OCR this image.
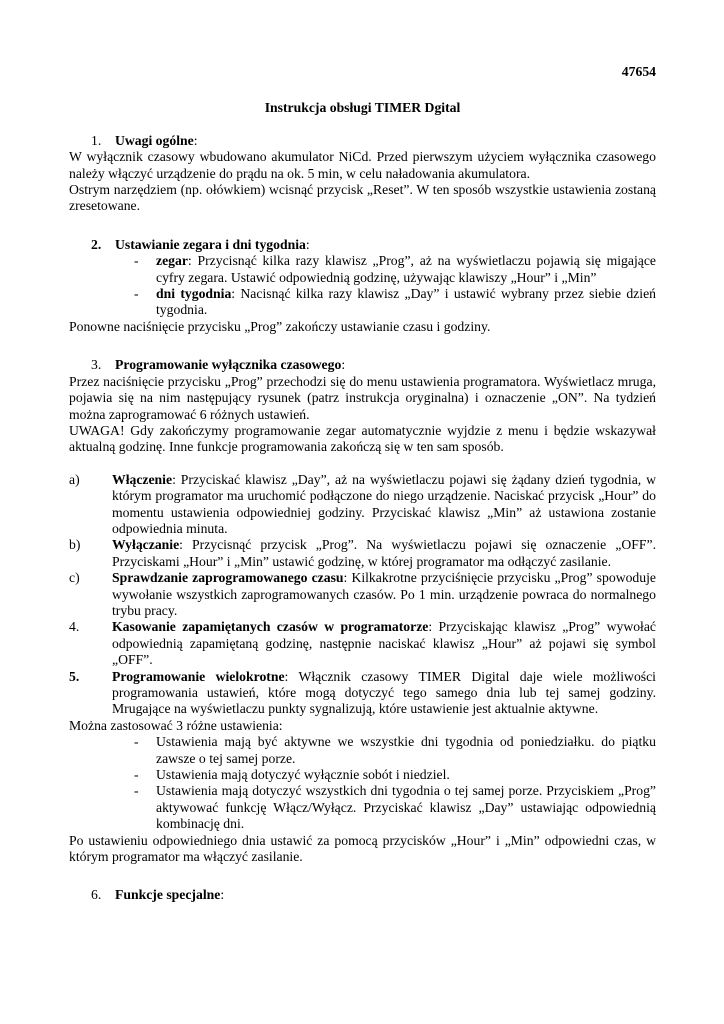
47654

Instrukcja obsługi TIMER Dgital

1.	Uwagi ogólne:

W wyłącznik czasowy wbudowano akumulator NiCd. Przed pierwszym użyciem wyłącznika czasowego należy włączyć urządzenie do prądu na ok. 5 min, w celu naładowania akumulatora.

Ostrym narzędziem (np. ołówkiem) wcisnąć przycisk „Reset”. W ten sposób wszystkie ustawienia zostaną zresetowane.

2.	Ustawianie zegara i dni tygodnia:
- zegar: Przycisnąć kilka razy klawisz „Prog”, aż na wyświetlaczu pojawią się migające cyfry zegara. Ustawić odpowiednią godzinę, używając klawiszy „Hour” i „Min”
- dni tygodnia: Nacisnąć kilka razy klawisz „Day” i ustawić wybrany przez siebie dzień tygodnia.

Ponowne naciśnięcie przycisku „Prog” zakończy ustawianie czasu i godziny.

3.	Programowanie wyłącznika czasowego:

Przez naciśnięcie przycisku „Prog” przechodzi się do menu ustawienia programatora. Wyświetlacz mruga, pojawia się na nim następujący rysunek (patrz instrukcja oryginalna) i oznaczenie „ON”. Na tydzień można zaprogramować 6 różnych ustawień.

UWAGA! Gdy zakończymy programowanie zegar automatycznie wyjdzie z menu i będzie wskazywał aktualną godzinę. Inne funkcje programowania zakończą się w ten sam sposób.

a) Włączenie: Przyciskać klawisz „Day”, aż na wyświetlaczu pojawi się żądany dzień tygodnia, w którym programator ma uruchomić podłączone do niego urządzenie. Naciskać przycisk „Hour” do momentu ustawienia odpowiedniej godziny. Przyciskać klawisz „Min” aż ustawiona zostanie odpowiednia minuta.
b) Wyłączanie: Przycisnąć przycisk „Prog”. Na wyświetlaczu pojawi się oznaczenie „OFF”. Przyciskami „Hour” i „Min” ustawić godzinę, w której programator ma odłączyć zasilanie.
c) Sprawdzanie zaprogramowanego czasu: Kilkakrotne przyciśnięcie przycisku „Prog” spowoduje wywołanie wszystkich zaprogramowanych czasów. Po 1 min. urządzenie powraca do normalnego trybu pracy.
4. Kasowanie zapamiętanych czasów w programatorze: Przyciskając klawisz „Prog” wywołać odpowiednią zapamiętaną godzinę, następnie naciskać klawisz „Hour” aż pojawi się symbol „OFF”.
5. Programowanie wielokrotne: Włącznik czasowy TIMER Digital daje wiele możliwości programowania ustawień, które mogą dotyczyć tego samego dnia lub tej samej godziny. Mrugające na wyświetlaczu punkty sygnalizują, które ustawienie jest aktualnie aktywne.

Można zastosować 3 różne ustawienia:

- Ustawienia mają być aktywne we wszystkie dni tygodnia od poniedziałku. do piątku zawsze o tej samej porze.
- Ustawienia mają dotyczyć wyłącznie sobót i niedziel.
- Ustawienia mają dotyczyć wszystkich dni tygodnia o tej samej porze. Przyciskiem „Prog” aktywować funkcję Włącz/Wyłącz. Przyciskać klawisz „Day” ustawiając odpowiednią kombinację dni.

Po ustawieniu odpowiedniego dnia ustawić za pomocą przycisków „Hour” i „Min” odpowiedni czas, w którym programator ma włączyć zasilanie.

6.	Funkcje specjalne:
